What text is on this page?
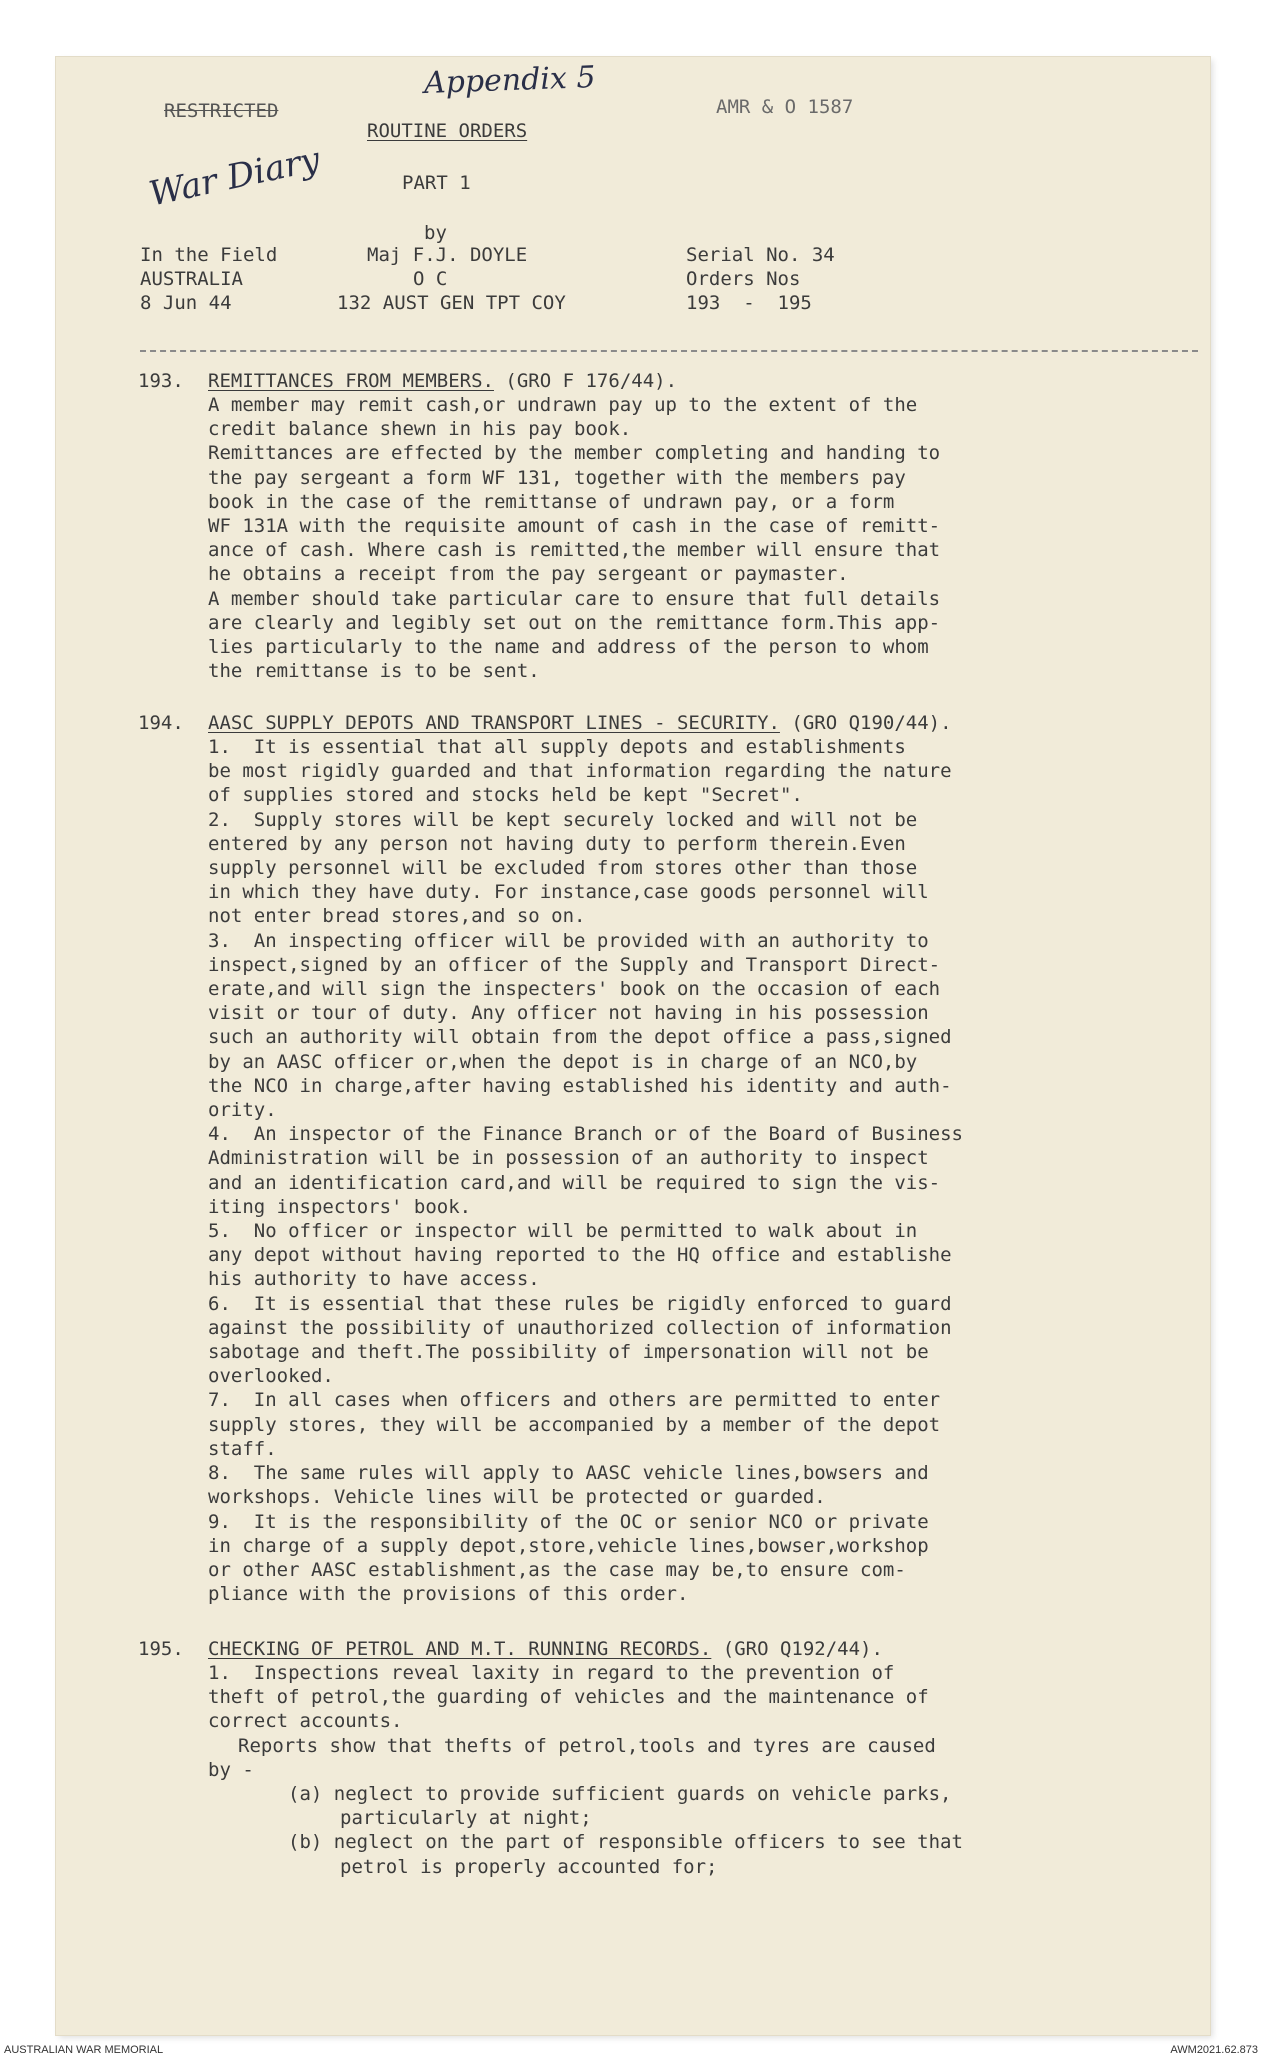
Appendix 5
War Diary
RESTRICTED	AMR & O 1587
ROUTINE ORDERS
PART 1
by
In the Field
AUSTRALIA
8 Jun 44
Maj F.J. DOYLE
O C
132 AUST GEN TPT COY
Serial No. 34
Orders Nos
193  -  195
193. REMITTANCES FROM MEMBERS. (GRO F 176/44).
A member may remit cash,or undrawn pay up to the extent of the
credit balance shewn in his pay book.
Remittances are effected by the member completing and handing to
the pay sergeant a form WF 131, together with the members pay
book in the case of the remittanse of undrawn pay, or a form
WF 131A with the requisite amount of cash in the case of remitt-
ance of cash. Where cash is remitted,the member will ensure that
he obtains a receipt from the pay sergeant or paymaster.
A member should take particular care to ensure that full details
are clearly and legibly set out on the remittance form.This app-
lies particularly to the name and address of the person to whom
the remittanse is to be sent.
194. AASC SUPPLY DEPOTS AND TRANSPORT LINES - SECURITY. (GRO Q190/44).
1.  It is essential that all supply depots and establishments
be most rigidly guarded and that information regarding the nature
of supplies stored and stocks held be kept "Secret".
2.  Supply stores will be kept securely locked and will not be
entered by any person not having duty to perform therein.Even
supply personnel will be excluded from stores other than those
in which they have duty. For instance,case goods personnel will
not enter bread stores,and so on.
3.  An inspecting officer will be provided with an authority to
inspect,signed by an officer of the Supply and Transport Direct-
erate,and will sign the inspecters' book on the occasion of each
visit or tour of duty. Any officer not having in his possession
such an authority will obtain from the depot office a pass,signed
by an AASC officer or,when the depot is in charge of an NCO,by
the NCO in charge,after having established his identity and auth-
ority.
4.  An inspector of the Finance Branch or of the Board of Business
Administration will be in possession of an authority to inspect
and an identification card,and will be required to sign the vis-
iting inspectors' book.
5.  No officer or inspector will be permitted to walk about in
any depot without having reported to the HQ office and establishe
his authority to have access.
6.  It is essential that these rules be rigidly enforced to guard
against the possibility of unauthorized collection of information
sabotage and theft.The possibility of impersonation will not be
overlooked.
7.  In all cases when officers and others are permitted to enter
supply stores, they will be accompanied by a member of the depot
staff.
8.  The same rules will apply to AASC vehicle lines,bowsers and
workshops. Vehicle lines will be protected or guarded.
9.  It is the responsibility of the OC or senior NCO or private
in charge of a supply depot,store,vehicle lines,bowser,workshop
or other AASC establishment,as the case may be,to ensure com-
pliance with the provisions of this order.
195. CHECKING OF PETROL AND M.T. RUNNING RECORDS. (GRO Q192/44).
1.  Inspections reveal laxity in regard to the prevention of
theft of petrol,the guarding of vehicles and the maintenance of
correct accounts.
Reports show that thefts of petrol,tools and tyres are caused
by -
(a) neglect to provide sufficient guards on vehicle parks,
particularly at night;
(b) neglect on the part of responsible officers to see that
petrol is properly accounted for;
AUSTRALIAN WAR MEMORIAL	AWM2021.62.873
